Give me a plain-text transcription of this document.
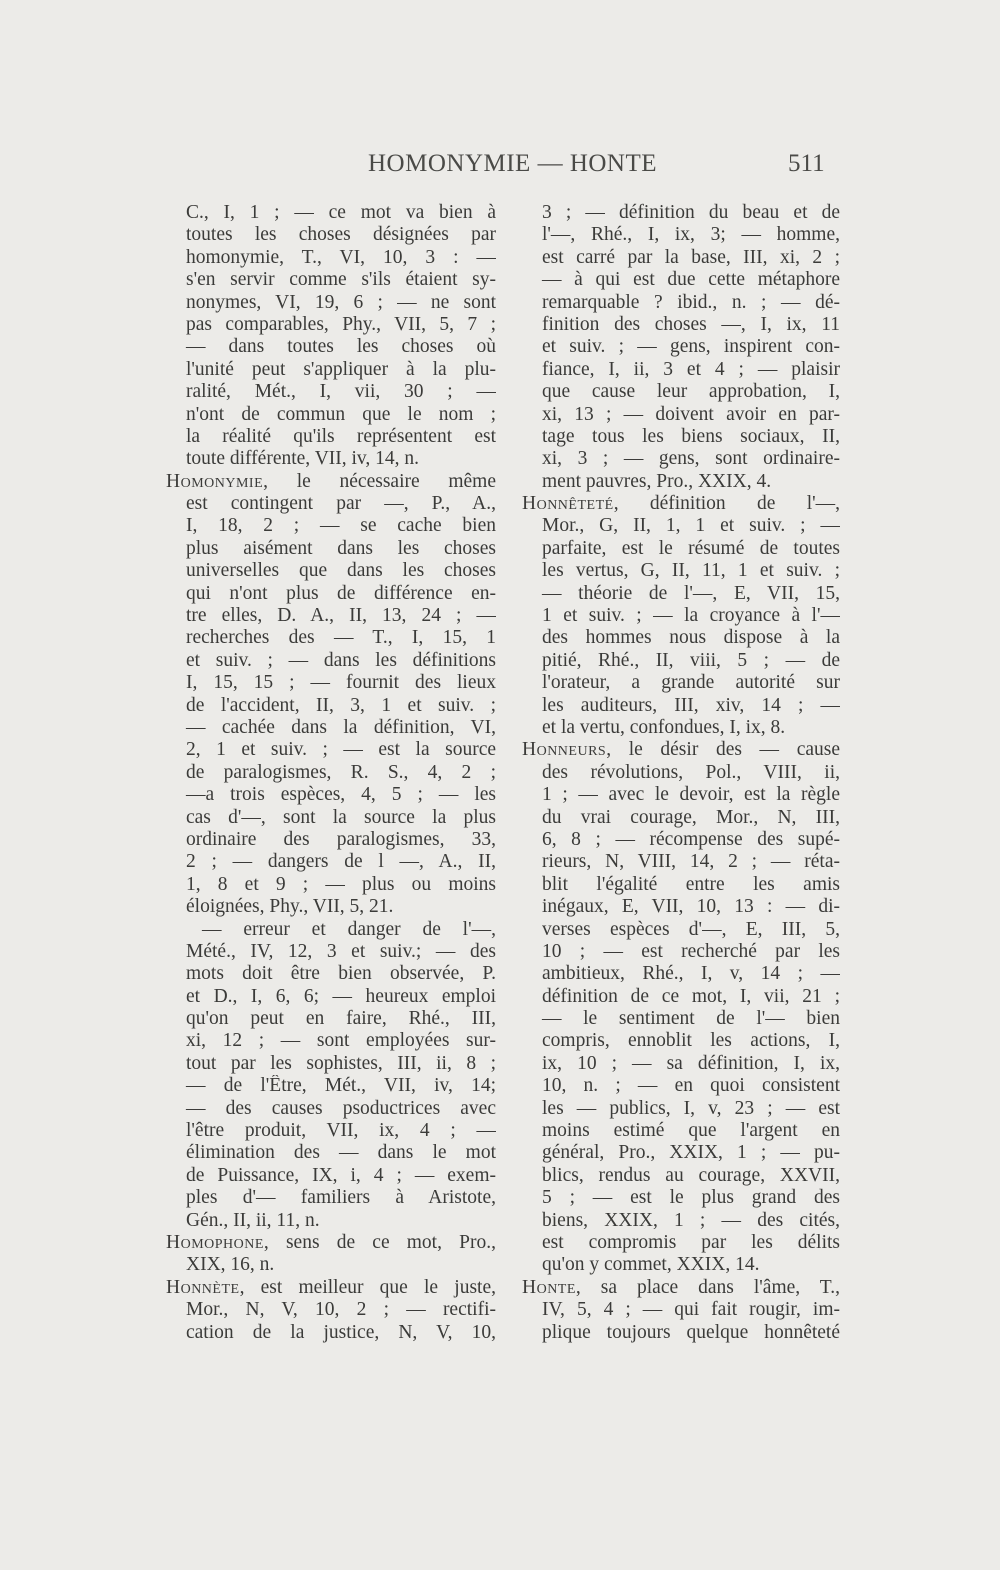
HOMONYMIE — HONTE	511
C., I, 1 ; — ce mot va bien à
toutes les choses désignées par
homonymie, T., VI, 10, 3 : —
s'en servir comme s'ils étaient sy-
nonymes, VI, 19, 6 ; — ne sont
pas comparables, Phy., VII, 5, 7 ;
— dans toutes les choses où
l'unité peut s'appliquer à la plu-
ralité, Mét., I, vii, 30 ; —
n'ont de commun que le nom ;
la réalité qu'ils représentent est
toute différente, VII, iv, 14, n.
Homonymie, le nécessaire même
est contingent par —, P., A.,
I, 18, 2 ; — se cache bien
plus aisément dans les choses
universelles que dans les choses
qui n'ont plus de différence en-
tre elles, D. A., II, 13, 24 ; —
recherches des — T., I, 15, 1
et suiv. ; — dans les définitions
I, 15, 15 ; — fournit des lieux
de l'accident, II, 3, 1 et suiv. ;
— cachée dans la définition, VI,
2, 1 et suiv. ; — est la source
de paralogismes, R. S., 4, 2 ;
—a trois espèces, 4, 5 ; — les
cas d'—, sont la source la plus
ordinaire des paralogismes, 33,
2 ; — dangers de l —, A., II,
1, 8 et 9 ; — plus ou moins
éloignées, Phy., VII, 5, 21.
— erreur et danger de l'—,
Mété., IV, 12, 3 et suiv.; — des
mots doit être bien observée, P.
et D., I, 6, 6; — heureux emploi
qu'on peut en faire, Rhé., III,
xi, 12 ; — sont employées sur-
tout par les sophistes, III, ii, 8 ;
— de l'Être, Mét., VII, iv, 14;
— des causes psoductrices avec
l'être produit, VII, ix, 4 ; —
élimination des — dans le mot
de Puissance, IX, i, 4 ; — exem-
ples d'— familiers à Aristote,
Gén., II, ii, 11, n.
Homophone, sens de ce mot, Pro.,
XIX, 16, n.
Honnète, est meilleur que le juste,
Mor., N, V, 10, 2 ; — rectifi-
cation de la justice, N, V, 10,
3 ; — définition du beau et de
l'—, Rhé., I, ix, 3; — homme,
est carré par la base, III, xi, 2 ;
— à qui est due cette métaphore
remarquable ? ibid., n. ; — dé-
finition des choses —, I, ix, 11
et suiv. ; — gens, inspirent con-
fiance, I, ii, 3 et 4 ; — plaisir
que cause leur approbation, I,
xi, 13 ; — doivent avoir en par-
tage tous les biens sociaux, II,
xi, 3 ; — gens, sont ordinaire-
ment pauvres, Pro., XXIX, 4.
Honnêteté, définition de l'—,
Mor., G, II, 1, 1 et suiv. ; —
parfaite, est le résumé de toutes
les vertus, G, II, 11, 1 et suiv. ;
— théorie de l'—, E, VII, 15,
1 et suiv. ; — la croyance à l'—
des hommes nous dispose à la
pitié, Rhé., II, viii, 5 ; — de
l'orateur, a grande autorité sur
les auditeurs, III, xiv, 14 ; —
et la vertu, confondues, I, ix, 8.
Honneurs, le désir des — cause
des révolutions, Pol., VIII, ii,
1 ; — avec le devoir, est la règle
du vrai courage, Mor., N, III,
6, 8 ; — récompense des supé-
rieurs, N, VIII, 14, 2 ; — réta-
blit l'égalité entre les amis
inégaux, E, VII, 10, 13 : — di-
verses espèces d'—, E, III, 5,
10 ; — est recherché par les
ambitieux, Rhé., I, v, 14 ; —
définition de ce mot, I, vii, 21 ;
— le sentiment de l'— bien
compris, ennoblit les actions, I,
ix, 10 ; — sa définition, I, ix,
10, n. ; — en quoi consistent
les — publics, I, v, 23 ; — est
moins estimé que l'argent en
général, Pro., XXIX, 1 ; — pu-
blics, rendus au courage, XXVII,
5 ; — est le plus grand des
biens, XXIX, 1 ; — des cités,
est compromis par les délits
qu'on y commet, XXIX, 14.
Honte, sa place dans l'âme, T.,
IV, 5, 4 ; — qui fait rougir, im-
plique toujours quelque honnêteté
